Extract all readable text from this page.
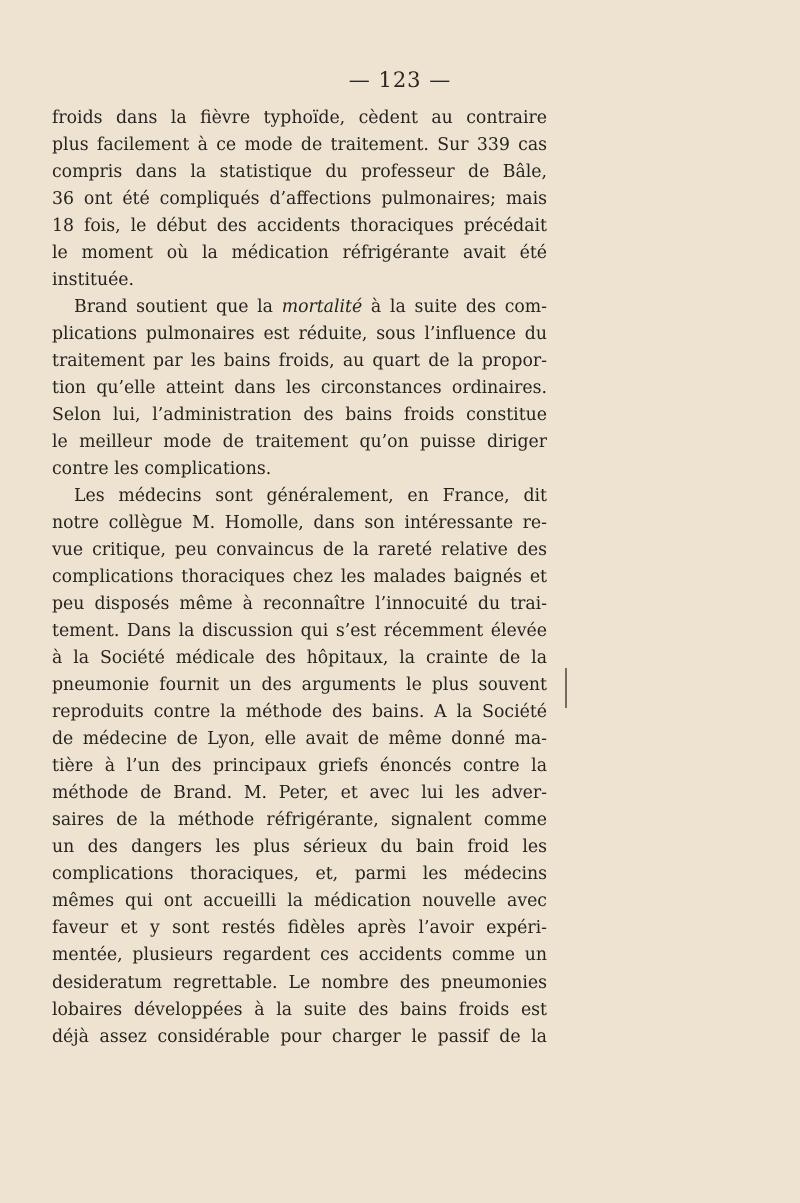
— 123 —
froids dans la fièvre typhoïde, cèdent au contraire
plus facilement à ce mode de traitement. Sur 339 cas
compris dans la statistique du professeur de Bâle,
36 ont été compliqués d’affections pulmonaires; mais
18 fois, le début des accidents thoraciques précédait
le moment où la médication réfrigérante avait été
instituée.
Brand soutient que la mortalité à la suite des com-
plications pulmonaires est réduite, sous l’influence du
traitement par les bains froids, au quart de la propor-
tion qu’elle atteint dans les circonstances ordinaires.
Selon lui, l’administration des bains froids constitue
le meilleur mode de traitement qu’on puisse diriger
contre les complications.
Les médecins sont généralement, en France, dit
notre collègue M. Homolle, dans son intéressante re-
vue critique, peu convaincus de la rareté relative des
complications thoraciques chez les malades baignés et
peu disposés même à reconnaître l’innocuité du trai-
tement. Dans la discussion qui s’est récemment élevée
à la Société médicale des hôpitaux, la crainte de la
pneumonie fournit un des arguments le plus souvent
reproduits contre la méthode des bains. A la Société
de médecine de Lyon, elle avait de même donné ma-
tière à l’un des principaux griefs énoncés contre la
méthode de Brand. M. Peter, et avec lui les adver-
saires de la méthode réfrigérante, signalent comme
un des dangers les plus sérieux du bain froid les
complications thoraciques, et, parmi les médecins
mêmes qui ont accueilli la médication nouvelle avec
faveur et y sont restés fidèles après l’avoir expéri-
mentée, plusieurs regardent ces accidents comme un
desideratum regrettable. Le nombre des pneumonies
lobaires développées à la suite des bains froids est
déjà assez considérable pour charger le passif de la
